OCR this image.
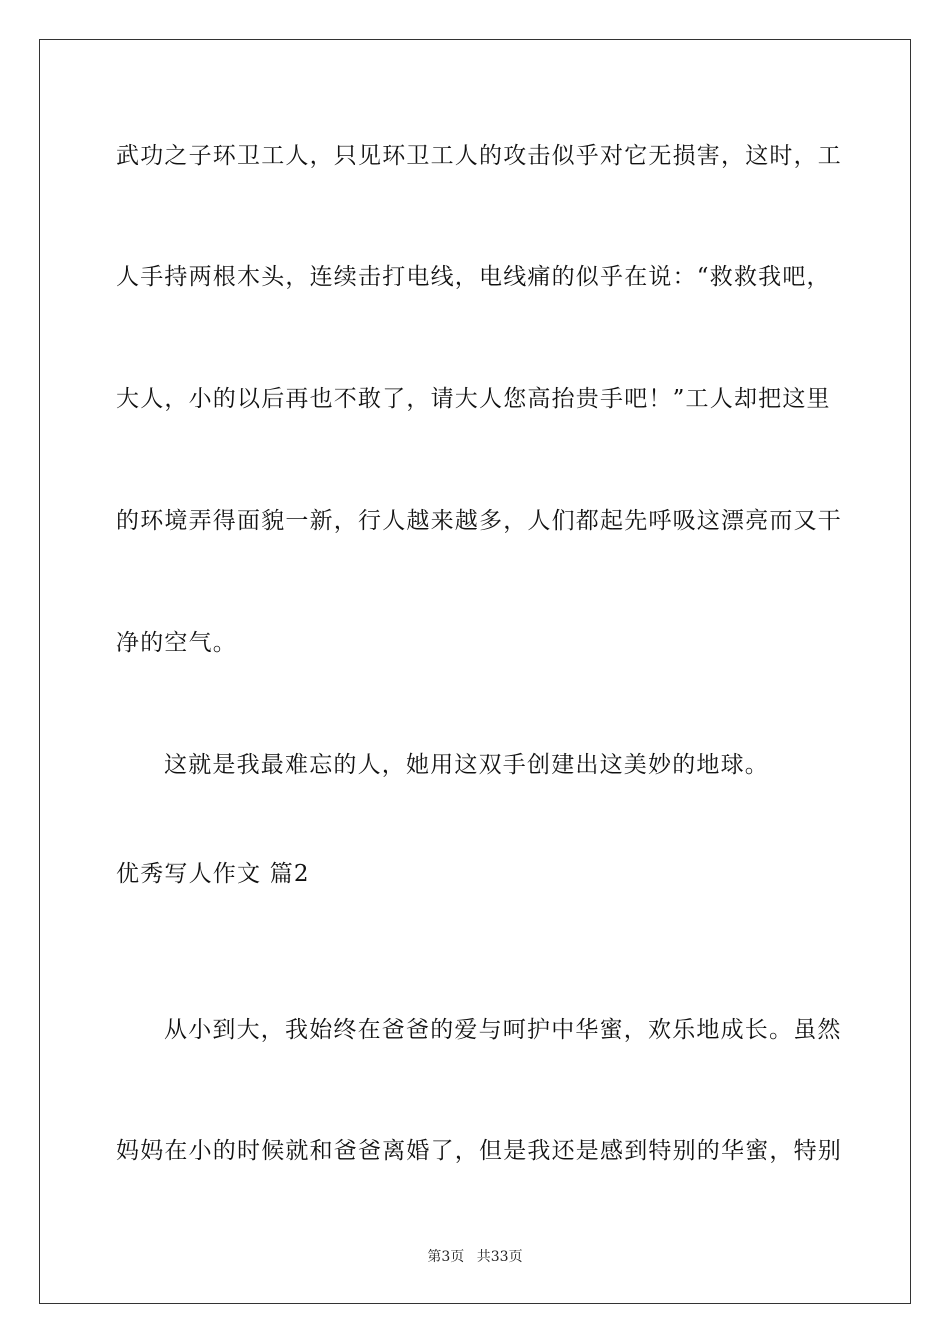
武功之子环卫工人，只见环卫工人的攻击似乎对它无损害，这时，工
人手持两根木头，连续击打电线，电线痛的似乎在说：“救救我吧，
大人，小的以后再也不敢了，请大人您高抬贵手吧！”工人却把这里
的环境弄得面貌一新，行人越来越多，人们都起先呼吸这漂亮而又干
净的空气。
这就是我最难忘的人，她用这双手创建出这美妙的地球。
优秀写人作文 篇2
从小到大，我始终在爸爸的爱与呵护中华蜜，欢乐地成长。虽然
妈妈在小的时候就和爸爸离婚了，但是我还是感到特别的华蜜，特别
第3页 共33页
